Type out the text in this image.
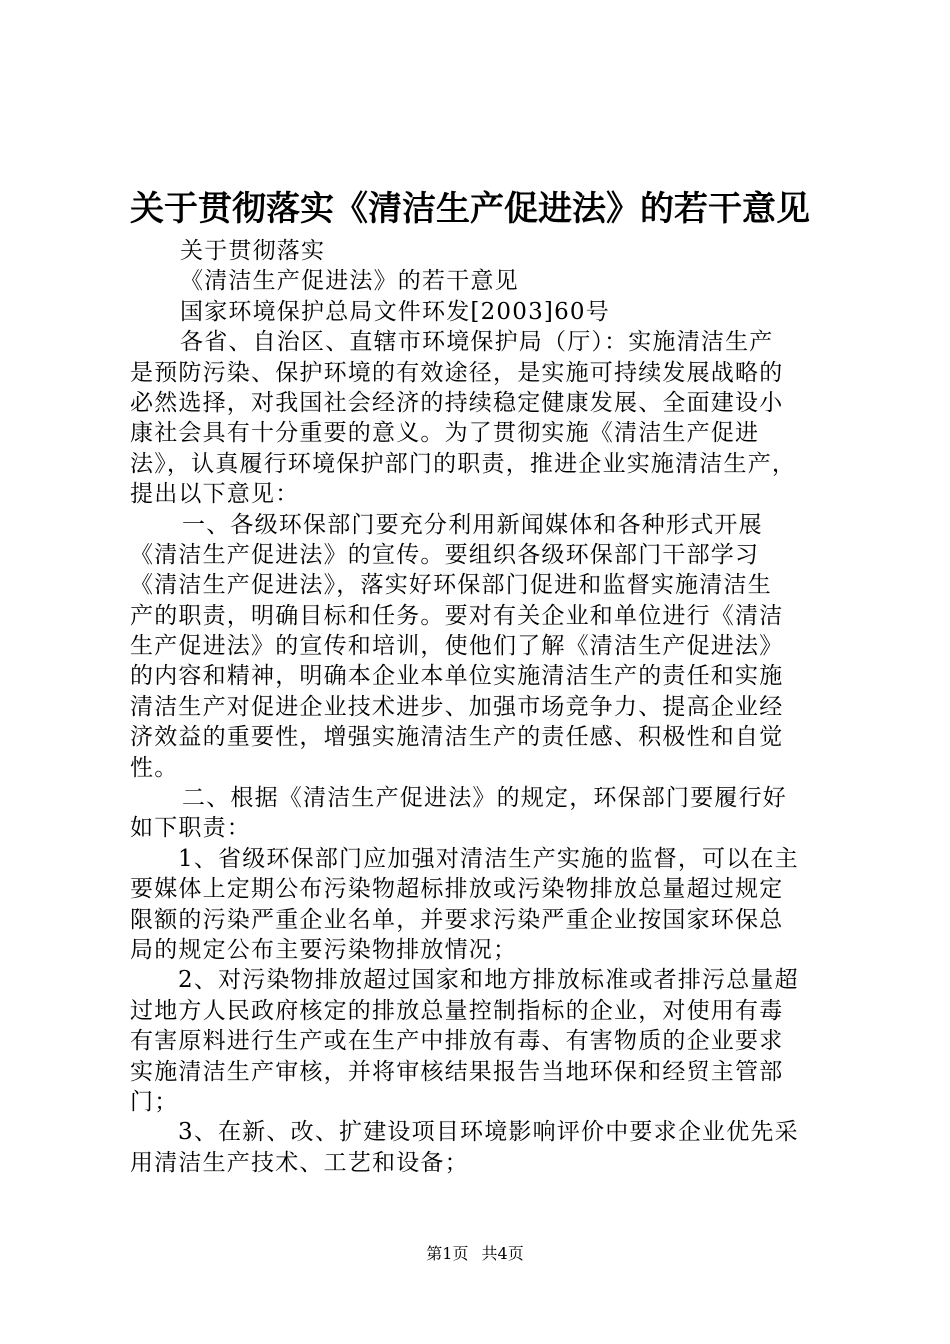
关于贯彻落实《清洁生产促进法》的若干意见
关于贯彻落实
《清洁生产促进法》的若干意见
国家环境保护总局文件环发[2003]60号
各省、自治区、直辖市环境保护局（厅）：实施清洁生产
是预防污染、保护环境的有效途径，是实施可持续发展战略的
必然选择，对我国社会经济的持续稳定健康发展、全面建设小
康社会具有十分重要的意义。为了贯彻实施《清洁生产促进
法》，认真履行环境保护部门的职责，推进企业实施清洁生产，
提出以下意见：
一、各级环保部门要充分利用新闻媒体和各种形式开展
《清洁生产促进法》的宣传。要组织各级环保部门干部学习
《清洁生产促进法》，落实好环保部门促进和监督实施清洁生
产的职责，明确目标和任务。要对有关企业和单位进行《清洁
生产促进法》的宣传和培训，使他们了解《清洁生产促进法》
的内容和精神，明确本企业本单位实施清洁生产的责任和实施
清洁生产对促进企业技术进步、加强市场竞争力、提高企业经
济效益的重要性，增强实施清洁生产的责任感、积极性和自觉
性。
二、根据《清洁生产促进法》的规定，环保部门要履行好
如下职责：
1、省级环保部门应加强对清洁生产实施的监督，可以在主
要媒体上定期公布污染物超标排放或污染物排放总量超过规定
限额的污染严重企业名单，并要求污染严重企业按国家环保总
局的规定公布主要污染物排放情况；
2、对污染物排放超过国家和地方排放标准或者排污总量超
过地方人民政府核定的排放总量控制指标的企业，对使用有毒
有害原料进行生产或在生产中排放有毒、有害物质的企业要求
实施清洁生产审核，并将审核结果报告当地环保和经贸主管部
门；
3、在新、改、扩建设项目环境影响评价中要求企业优先采
用清洁生产技术、工艺和设备；
第1页 共4页
